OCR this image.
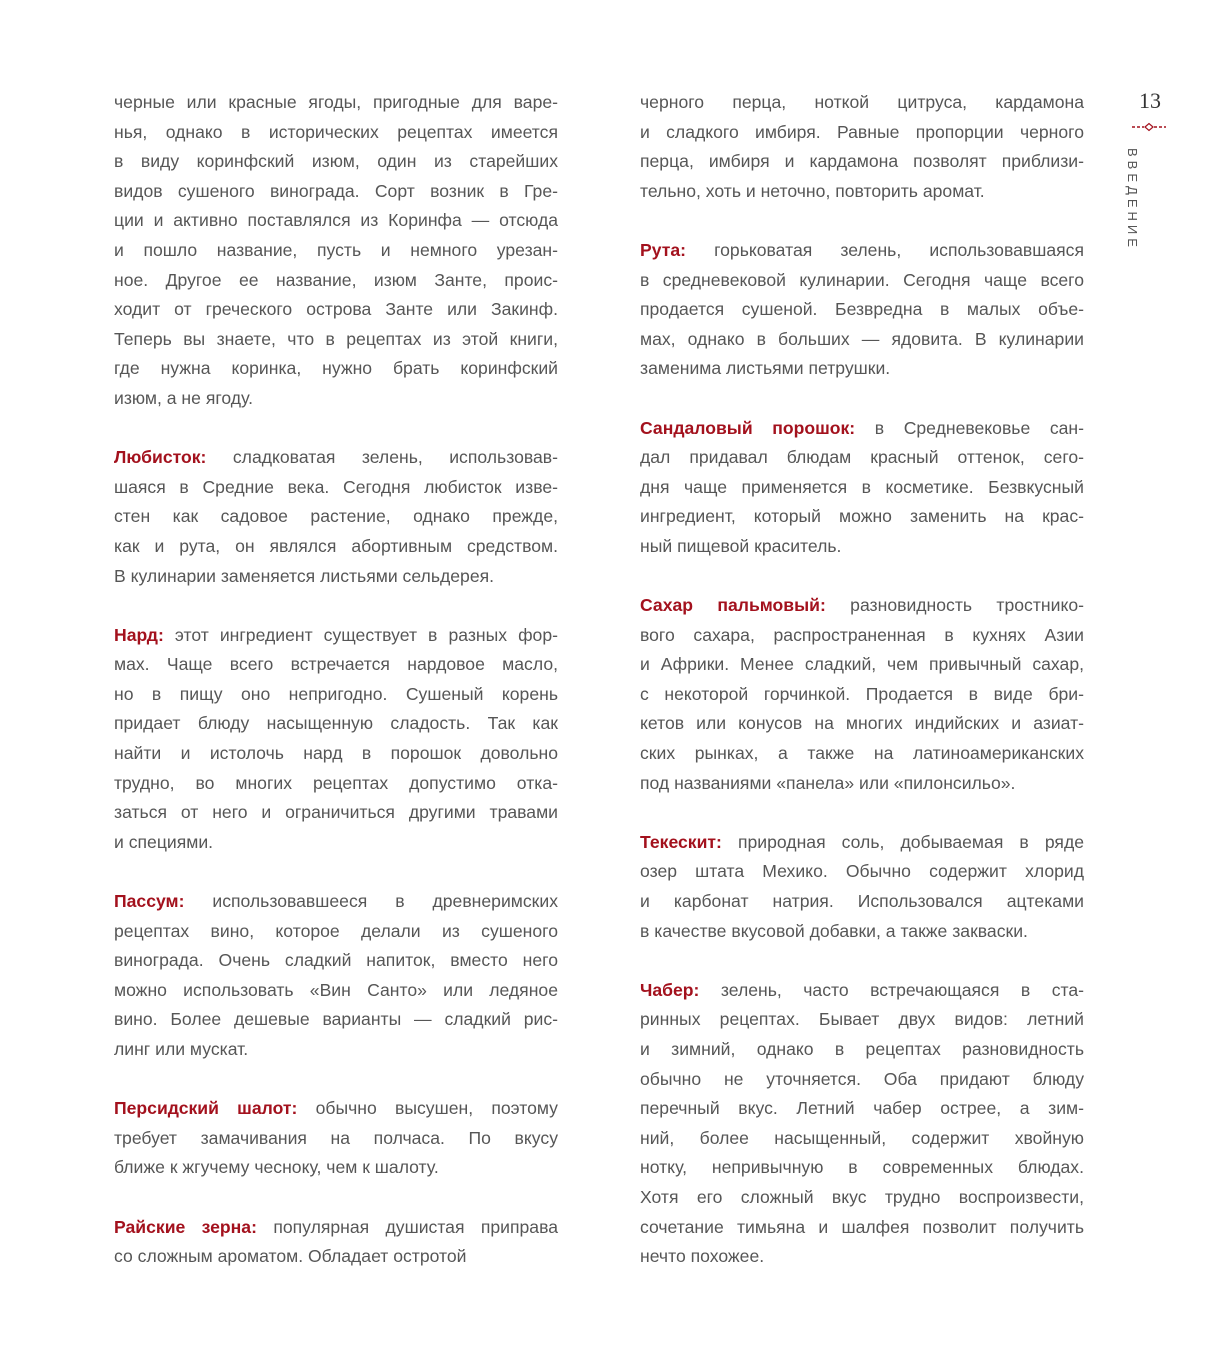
черные или красные ягоды, пригодные для варе-
нья, однако в исторических рецептах имеется
в виду коринфский изюм, один из старейших
видов сушеного винограда. Сорт возник в Гре-
ции и активно поставлялся из Коринфа — отсюда
и пошло название, пусть и немного урезан-
ное. Другое ее название, изюм Занте, проис-
ходит от греческого острова Занте или Закинф.
Теперь вы знаете, что в рецептах из этой книги,
где нужна коринка, нужно брать коринфский
изюм, а не ягоду.
Любисток: сладковатая зелень, использовав-
шаяся в Средние века. Сегодня любисток изве-
стен как садовое растение, однако прежде,
как и рута, он являлся абортивным средством.
В кулинарии заменяется листьями сельдерея.
Нард: этот ингредиент существует в разных фор-
мах. Чаще всего встречается нардовое масло,
но в пищу оно непригодно. Сушеный корень
придает блюду насыщенную сладость. Так как
найти и истолочь нард в порошок довольно
трудно, во многих рецептах допустимо отка-
заться от него и ограничиться другими травами
и специями.
Пассум: использовавшееся в древнеримских
рецептах вино, которое делали из сушеного
винограда. Очень сладкий напиток, вместо него
можно использовать «Вин Санто» или ледяное
вино. Более дешевые варианты — сладкий рис-
линг или мускат.
Персидский шалот: обычно высушен, поэтому
требует замачивания на полчаса. По вкусу
ближе к жгучему чесноку, чем к шалоту.
Райские зерна: популярная душистая приправа
со сложным ароматом. Обладает остротой
черного перца, ноткой цитруса, кардамона
и сладкого имбиря. Равные пропорции черного
перца, имбиря и кардамона позволят приблизи-
тельно, хоть и неточно, повторить аромат.
Рута: горьковатая зелень, использовавшаяся
в средневековой кулинарии. Сегодня чаще всего
продается сушеной. Безвредна в малых объе-
мах, однако в больших — ядовита. В кулинарии
заменима листьями петрушки.
Сандаловый порошок: в Средневековье сан-
дал придавал блюдам красный оттенок, сего-
дня чаще применяется в косметике. Безвкусный
ингредиент, который можно заменить на крас-
ный пищевой краситель.
Сахар пальмовый: разновидность тростнико-
вого сахара, распространенная в кухнях Азии
и Африки. Менее сладкий, чем привычный сахар,
с некоторой горчинкой. Продается в виде бри-
кетов или конусов на многих индийских и азиат-
ских рынках, а также на латиноамериканских
под названиями «панела» или «пилонсильо».
Текескит: природная соль, добываемая в ряде
озер штата Мехико. Обычно содержит хлорид
и карбонат натрия. Использовался ацтеками
в качестве вкусовой добавки, а также закваски.
Чабер: зелень, часто встречающаяся в ста-
ринных рецептах. Бывает двух видов: летний
и зимний, однако в рецептах разновидность
обычно не уточняется. Оба придают блюду
перечный вкус. Летний чабер острее, а зим-
ний, более насыщенный, содержит хвойную
нотку, непривычную в современных блюдах.
Хотя его сложный вкус трудно воспроизвести,
сочетание тимьяна и шалфея позволит получить
нечто похожее.
13
ВВЕДЕНИЕ
